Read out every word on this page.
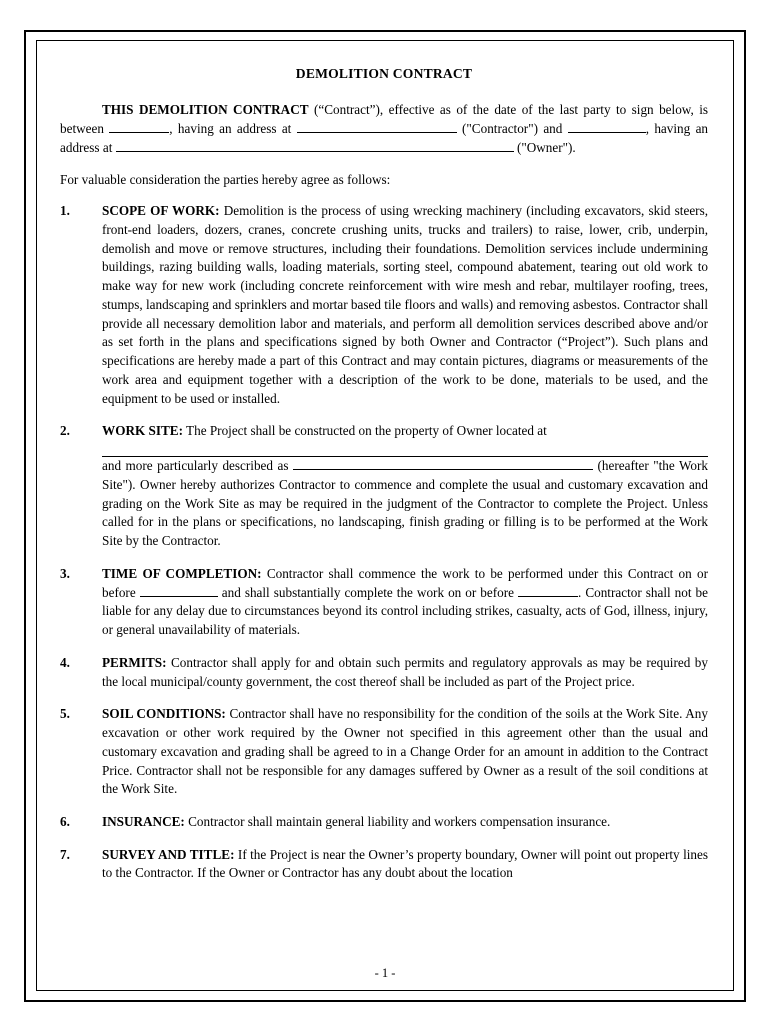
DEMOLITION CONTRACT

THIS DEMOLITION CONTRACT (“Contract”), effective as of the date of the last party to sign below, is between	, having an address at	("Contractor") and	, having an address at	("Owner").

For valuable consideration the parties hereby agree as follows:

1.	SCOPE OF WORK: Demolition is the process of using wrecking machinery (including excavators, skid steers, front-end loaders, dozers, cranes, concrete crushing units, trucks and trailers) to raise, lower, crib, underpin, demolish and move or remove structures, including their foundations. Demolition services include undermining buildings, razing building walls, loading materials, sorting steel, compound abatement, tearing out old work to make way for new work (including concrete reinforcement with wire mesh and rebar, multilayer roofing, trees, stumps, landscaping and sprinklers and mortar based tile floors and walls) and removing asbestos. Contractor shall provide all necessary demolition labor and materials, and perform all demolition services described above and/or as set forth in the plans and specifications signed by both Owner and Contractor (“Project”). Such plans and specifications are hereby made a part of this Contract and may contain pictures, diagrams or measurements of the work area and equipment together with a description of the work to be done, materials to be used, and the equipment to be used or installed.
2.	WORK SITE: The Project shall be constructed on the property of Owner located at
and more particularly described as	(hereafter "the Work Site"). Owner hereby authorizes Contractor to commence and complete the usual and customary excavation and grading on the Work Site as may be required in the judgment of the Contractor to complete the Project. Unless called for in the plans or specifications, no landscaping, finish grading or filling is to be performed at the Work Site by the Contractor.
3.	TIME OF COMPLETION: Contractor shall commence the work to be performed under this Contract on or before	and shall substantially complete the work on or before	. Contractor shall not be liable for any delay due to circumstances beyond its control including strikes, casualty, acts of God, illness, injury, or general unavailability of materials.
4.	PERMITS: Contractor shall apply for and obtain such permits and regulatory approvals as may be required by the local municipal/county government, the cost thereof shall be included as part of the Project price.
5.	SOIL CONDITIONS: Contractor shall have no responsibility for the condition of the soils at the Work Site. Any excavation or other work required by the Owner not specified in this agreement other than the usual and customary excavation and grading shall be agreed to in a Change Order for an amount in addition to the Contract Price. Contractor shall not be responsible for any damages suffered by Owner as a result of the soil conditions at the Work Site.
6.	INSURANCE: Contractor shall maintain general liability and workers compensation insurance.
7.	SURVEY AND TITLE: If the Project is near the Owner’s property boundary, Owner will point out property lines to the Contractor. If the Owner or Contractor has any doubt about the location
- 1 -
